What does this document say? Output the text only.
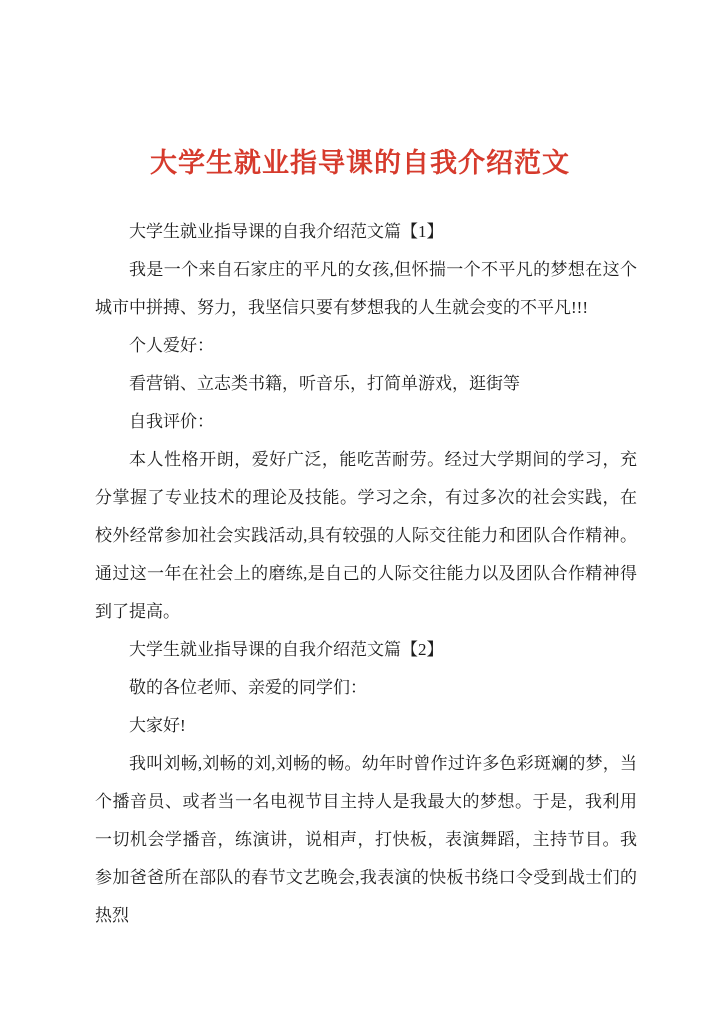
大学生就业指导课的自我介绍范文

大学生就业指导课的自我介绍范文篇【1】

我是一个来自石家庄的平凡的女孩,但怀揣一个不平凡的梦想在这个城市中拼搏、努力，我坚信只要有梦想我的人生就会变的不平凡!!!

个人爱好：

看营销、立志类书籍，听音乐，打简单游戏，逛街等

自我评价：

本人性格开朗，爱好广泛，能吃苦耐劳。经过大学期间的学习，充分掌握了专业技术的理论及技能。学习之余，有过多次的社会实践，在校外经常参加社会实践活动,具有较强的人际交往能力和团队合作精神。通过这一年在社会上的磨练,是自己的人际交往能力以及团队合作精神得到了提高。

大学生就业指导课的自我介绍范文篇【2】

敬的各位老师、亲爱的同学们：

大家好!

我叫刘畅,刘畅的刘,刘畅的畅。幼年时曾作过许多色彩斑斓的梦，当个播音员、或者当一名电视节目主持人是我最大的梦想。于是，我利用一切机会学播音，练演讲，说相声，打快板，表演舞蹈，主持节目。我参加爸爸所在部队的春节文艺晚会,我表演的快板书绕口令受到战士们的热烈
